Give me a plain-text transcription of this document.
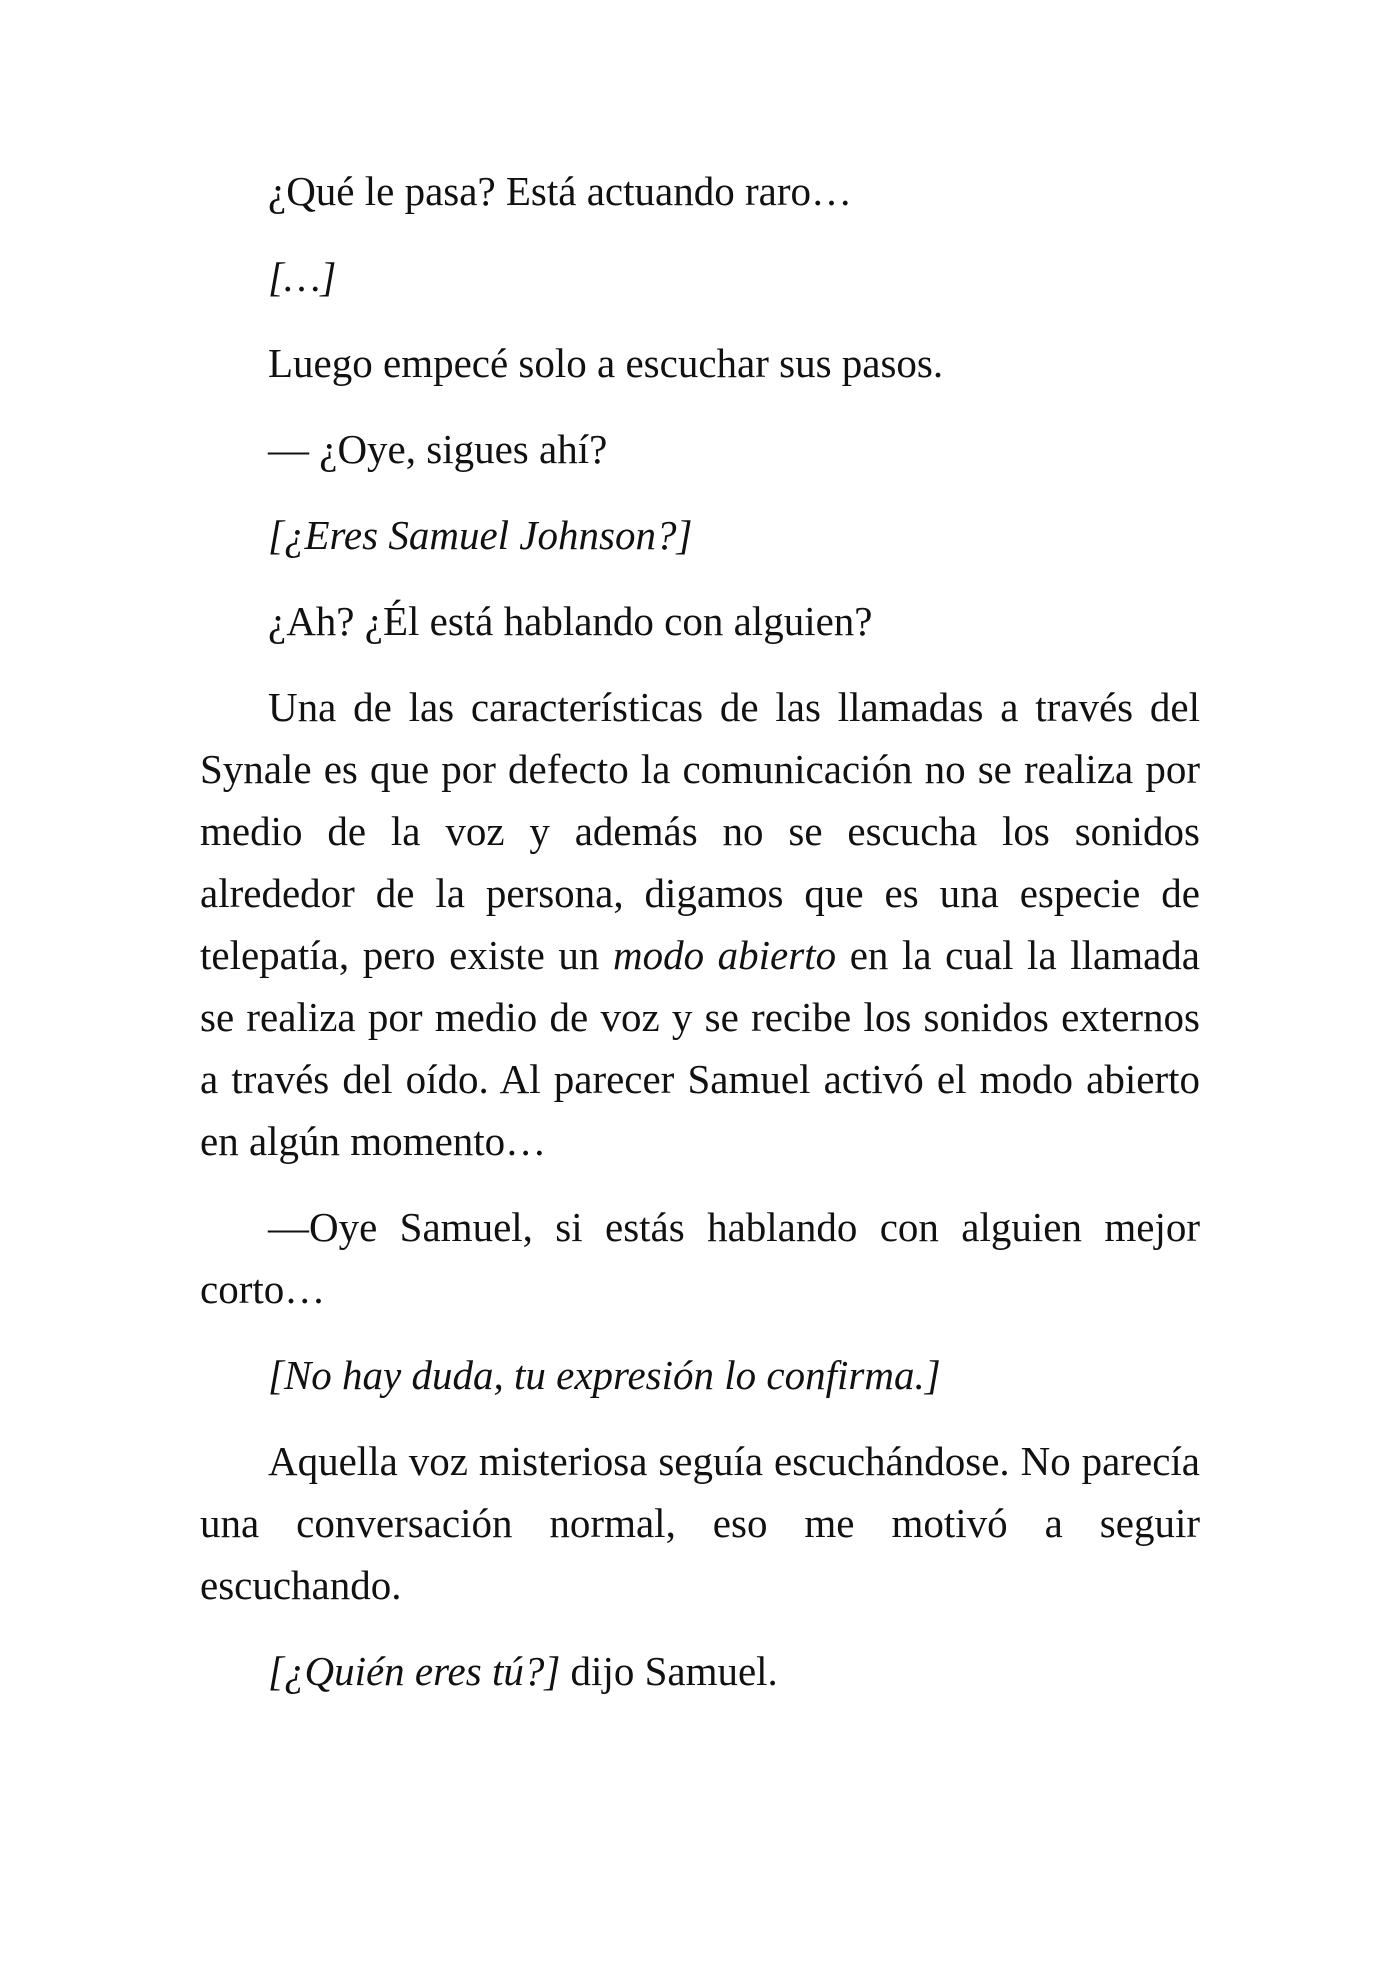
¿Qué le pasa? Está actuando raro…

[…]

Luego empecé solo a escuchar sus pasos.

— ¿Oye, sigues ahí?

[¿Eres Samuel Johnson?]

¿Ah? ¿Él está hablando con alguien?

Una de las características de las llamadas a través del Synale es que por defecto la comunicación no se realiza por medio de la voz y además no se escucha los sonidos alrededor de la persona, digamos que es una especie de telepatía, pero existe un modo abierto en la cual la llamada se realiza por medio de voz y se recibe los sonidos externos a través del oído. Al parecer Samuel activó el modo abierto en algún momento…

—Oye Samuel, si estás hablando con alguien mejor corto…

[No hay duda, tu expresión lo confirma.]

Aquella voz misteriosa seguía escuchándose. No parecía una conversación normal, eso me motivó a seguir escuchando.

[¿Quién eres tú?] dijo Samuel.
